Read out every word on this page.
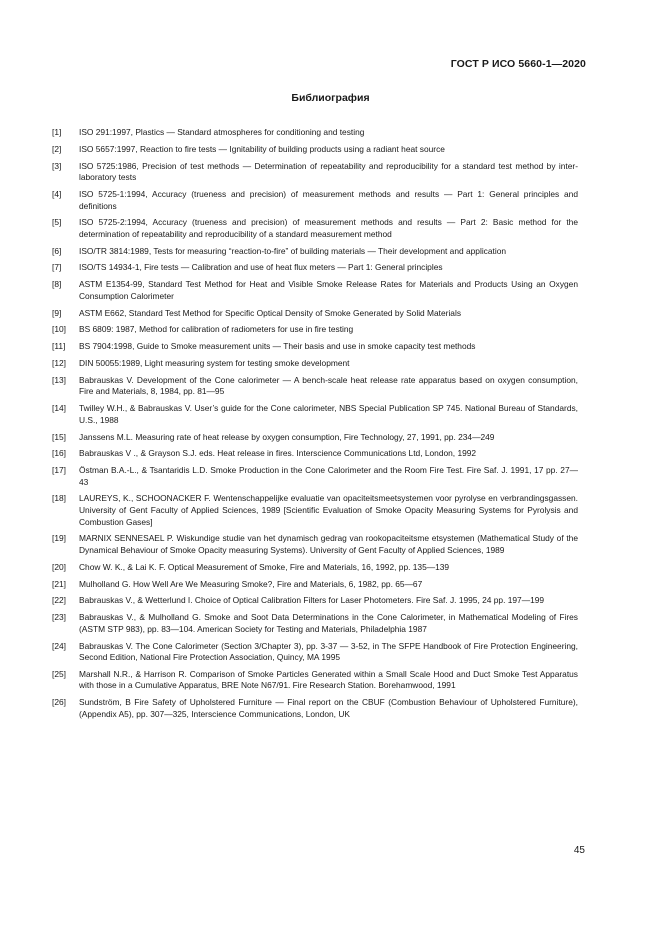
ГОСТ Р ИСО 5660-1—2020
Библиография
[1]	ISO 291:1997, Plastics — Standard atmospheres for conditioning and testing
[2]	ISO 5657:1997, Reaction to fire tests — Ignitability of building products using a radiant heat source
[3]	ISO 5725:1986, Precision of test methods — Determination of repeatability and reproducibility for a standard test method by inter-laboratory tests
[4]	ISO 5725-1:1994, Accuracy (trueness and precision) of measurement methods and results — Part 1: General principles and definitions
[5]	ISO 5725-2:1994, Accuracy (trueness and precision) of measurement methods and results — Part 2: Basic method for the determination of repeatability and reproducibility of a standard measurement method
[6]	ISO/TR 3814:1989, Tests for measuring “reaction-to-fire” of building materials — Their development and application
[7]	ISO/TS 14934-1, Fire tests — Calibration and use of heat flux meters — Part 1: General principles
[8]	ASTM E1354-99, Standard Test Method for Heat and Visible Smoke Release Rates for Materials and Products Using an Oxygen Consumption Calorimeter
[9]	ASTM E662, Standard Test Method for Specific Optical Density of Smoke Generated by Solid Materials
[10]	BS 6809: 1987, Method for calibration of radiometers for use in fire testing
[11]	BS 7904:1998, Guide to Smoke measurement units — Their basis and use in smoke capacity test methods
[12]	DIN 50055:1989, Light measuring system for testing smoke development
[13]	Babrauskas V. Development of the Cone calorimeter — A bench-scale heat release rate apparatus based on oxygen consumption, Fire and Materials, 8, 1984, pp. 81—95
[14]	Twilley W.H., & Babrauskas V. User’s guide for the Cone calorimeter, NBS Special Publication SP 745. National Bureau of Standards, U.S., 1988
[15]	Janssens M.L. Measuring rate of heat release by oxygen consumption, Fire Technology, 27, 1991, pp. 234—249
[16]	Babrauskas V ., & Grayson S.J. eds. Heat release in fires. Interscience Communications Ltd, London, 1992
[17]	Östman B.A.-L., & Tsantaridis L.D. Smoke Production in the Cone Calorimeter and the Room Fire Test. Fire Saf. J. 1991, 17 pp. 27—43
[18]	LAUREYS, K., SCHOONACKER F. Wentenschappelijke evaluatie van opaciteitsmeetsystemen voor pyrolyse en verbrandingsgassen. University of Gent Faculty of Applied Sciences, 1989 [Scientific Evaluation of Smoke Opacity Measuring Systems for Pyrolysis and Combustion Gases]
[19]	MARNIX SENNESAEL P. Wiskundige studie van het dynamisch gedrag van rookopaciteitsme etsystemen (Mathematical Study of the Dynamical Behaviour of Smoke Opacity measuring Systems). University of Gent Faculty of Applied Sciences, 1989
[20]	Chow W. K., & Lai K. F. Optical Measurement of Smoke, Fire and Materials, 16, 1992, pp. 135—139
[21]	Mulholland G. How Well Are We Measuring Smoke?, Fire and Materials, 6, 1982, pp. 65—67
[22]	Babrauskas V., & Wetterlund I. Choice of Optical Calibration Filters for Laser Photometers. Fire Saf. J. 1995, 24 pp. 197—199
[23]	Babrauskas V., & Mulholland G. Smoke and Soot Data Determinations in the Cone Calorimeter, in Mathematical Modeling of Fires (ASTM STP 983), pp. 83—104. American Society for Testing and Materials, Philadelphia 1987
[24]	Babrauskas V. The Cone Calorimeter (Section 3/Chapter 3), pp. 3-37 — 3-52, in The SFPE Handbook of Fire Protection Engineering, Second Edition, National Fire Protection Association, Quincy, MA 1995
[25]	Marshall N.R., & Harrison R. Comparison of Smoke Particles Generated within a Small Scale Hood and Duct Smoke Test Apparatus with those in a Cumulative Apparatus, BRE Note N67/91. Fire Research Station. Borehamwood, 1991
[26]	Sundström, B Fire Safety of Upholstered Furniture — Final report on the CBUF (Combustion Behaviour of Upholstered Furniture), (Appendix A5), pp. 307—325, Interscience Communications, London, UK
45
